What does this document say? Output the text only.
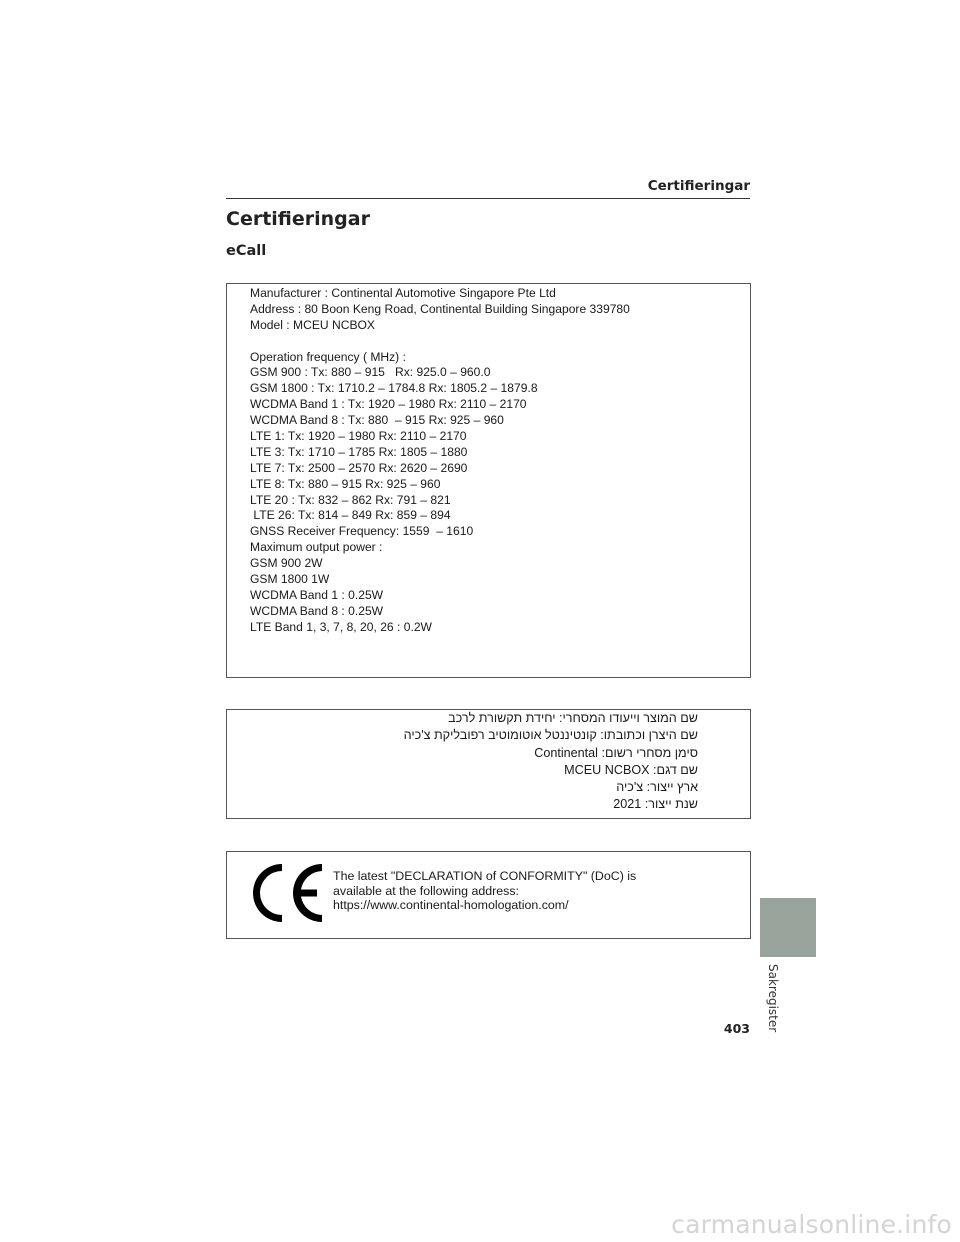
Certifieringar
Certifieringar
eCall
Manufacturer : Continental Automotive Singapore Pte Ltd
Address : 80 Boon Keng Road, Continental Building Singapore 339780
Model : MCEU NCBOX
Operation frequency ( MHz) :
GSM 900 : Tx: 880 – 915   Rx: 925.0 – 960.0
GSM 1800 : Tx: 1710.2 – 1784.8 Rx: 1805.2 – 1879.8
WCDMA Band 1 : Tx: 1920 – 1980 Rx: 2110 – 2170
WCDMA Band 8 : Tx: 880  – 915 Rx: 925 – 960
LTE 1: Tx: 1920 – 1980 Rx: 2110 – 2170
LTE 3: Tx: 1710 – 1785 Rx: 1805 – 1880
LTE 7: Tx: 2500 – 2570 Rx: 2620 – 2690
LTE 8: Tx: 880 – 915 Rx: 925 – 960
LTE 20 : Tx: 832 – 862 Rx: 791 – 821
LTE 26: Tx: 814 – 849 Rx: 859 – 894
GNSS Receiver Frequency: 1559  – 1610
Maximum output power :
GSM 900 2W
GSM 1800 1W
WCDMA Band 1 : 0.25W
WCDMA Band 8 : 0.25W
LTE Band 1, 3, 7, 8, 20, 26 : 0.2W
שם המוצר וייעודו המסחרי: יחידת תקשורת לרכב
שם היצרן וכתובתו: קונטיננטל אוטומוטיב רפובליקת צ'כיה
סימן מסחרי רשום: Continental
שם דגם: MCEU NCBOX
ארץ ייצור: צ'כיה
שנת ייצור: 2021
The latest "DECLARATION of CONFORMITY" (DoC) is
available at the following address:
https://www.continental-homologation.com/
Sakregister
403
carmanualsonline.info
